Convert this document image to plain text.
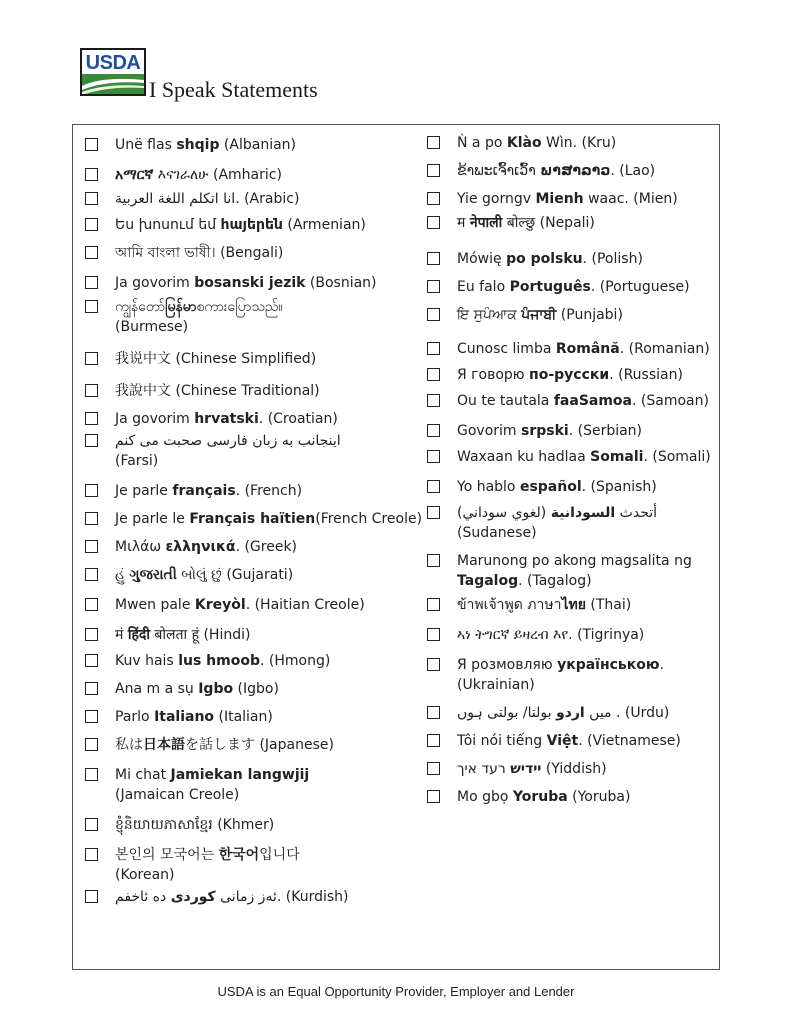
USDA
I Speak Statements
Unë flas shqip (Albanian)
አማርኛ እናገራለሁ (Amharic)
انا اتكلم اللغة العربية. (Arabic)
Ես խոսում եմ հայերեն (Armenian)
আমি বাংলা ভাষী। (Bengali)
Ja govorim bosanski jezik (Bosnian)
ကျွန်တော်မြန်မာစကားပြောသည်။
(Burmese)
我说中文 (Chinese Simplified)
我說中文 (Chinese Traditional)
Ja govorim hrvatski. (Croatian)
اینجانب به زبان فارسی صحبت می کنم
(Farsi)
Je parle français. (French)
Je parle le Français haïtien(French Creole)
Μιλάω ελληνικά. (Greek)
હું ગુજરાતી બોલું છું (Gujarati)
Mwen pale Kreyòl. (Haitian Creole)
मं हिंदी बोलता हूं (Hindi)
Kuv hais lus hmoob. (Hmong)
Ana m a sụ Igbo (Igbo)
Parlo Italiano (Italian)
私は日本語を話します (Japanese)
Mi chat Jamiekan langwjij
(Jamaican Creole)
ខ្ញុំនិយាយភាសាខ្មែរ (Khmer)
본인의 모국어는 한국어입니다
(Korean)
ئەز زمانی کوردی دە ئاخفم. (Kurdish)
Ǹ a po Klào Wìn. (Kru)
ຂ້າພະເຈົ້າເວົ້າ ພາສາລາວ. (Lao)
Yie gorngv Mienh waac. (Mien)
म नेपाली बोल्छु (Nepali)
Mówię po polsku. (Polish)
Eu falo Português. (Portuguese)
ਇ ਸੁਪੰਆਕ ਪੰਜਾਬੀ (Punjabi)
Cunosc limba Română. (Romanian)
Я говорю по-русски. (Russian)
Ou te tautala faaSamoa. (Samoan)
Govorim srpski. (Serbian)
Waxaan ku hadlaa Somali. (Somali)
Yo hablo español. (Spanish)
أتحدث السودانية (لغوي سوداني)
(Sudanese)
Marunong po akong magsalita ng
Tagalog. (Tagalog)
ข้าพเจ้าพูด ภาษาไทย (Thai)
ኣነ ትግርኛ ይዛረብ እየ. (Tigrinya)
Я розмовляю українською.
(Ukrainian)
میں اردو بولتا/ بولتی ہوں . (Urdu)
Tôi nói tiếng Việt. (Vietnamese)
יידיש רעד איך (Yiddish)
Mo gbọ Yoruba (Yoruba)
USDA is an Equal Opportunity Provider, Employer and Lender
